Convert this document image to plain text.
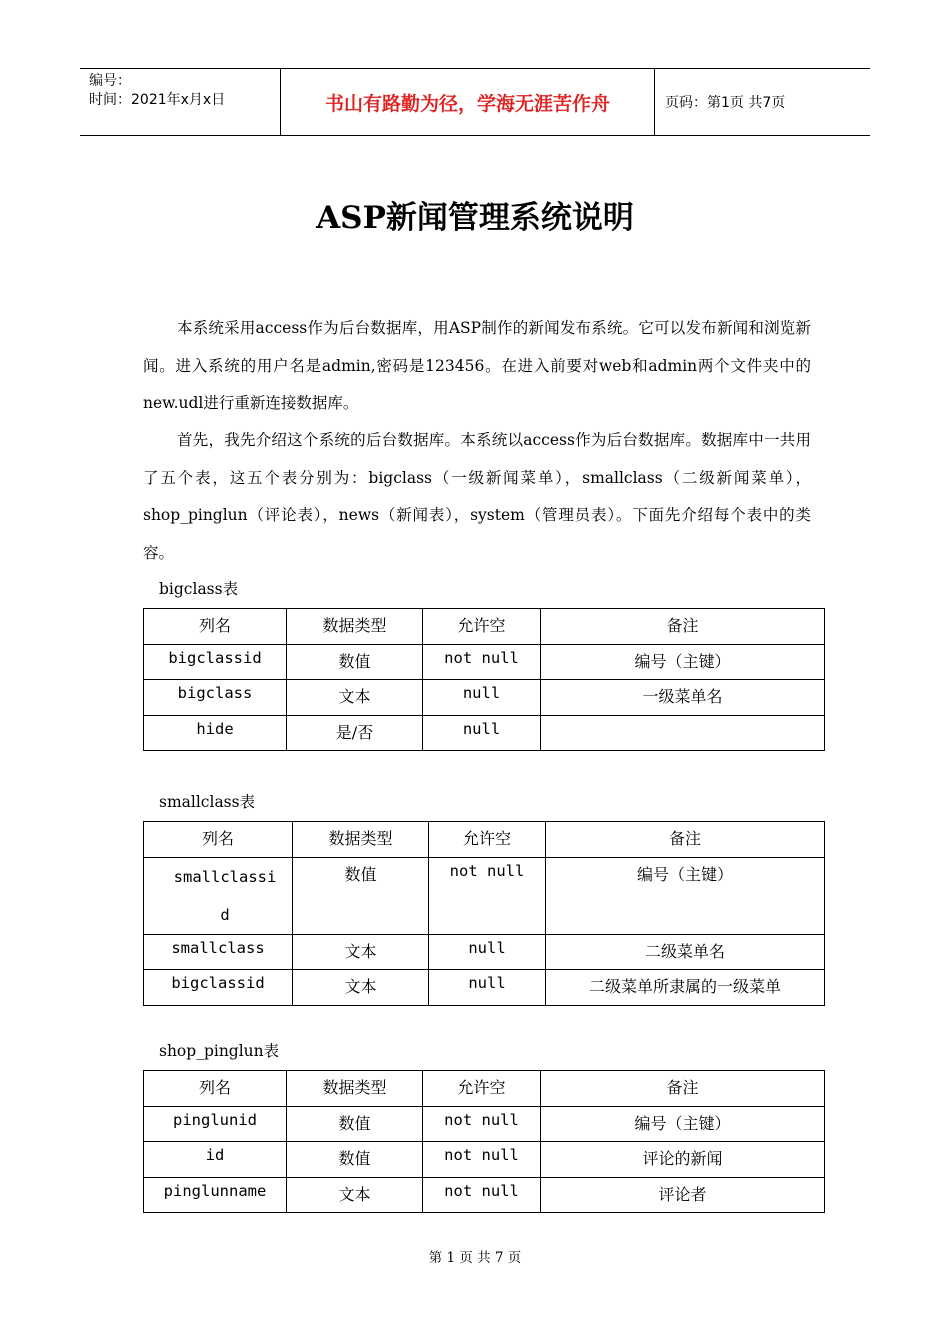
编号：
时间：2021年x月x日	书山有路勤为径，学海无涯苦作舟	页码：第1页 共7页
ASP新闻管理系统说明
本系统采用access作为后台数据库，用ASP制作的新闻发布系统。它可以发布新闻和浏览新闻。进入系统的用户名是admin,密码是123456。在进入前要对web和admin两个文件夹中的new.udl进行重新连接数据库。
首先，我先介绍这个系统的后台数据库。本系统以access作为后台数据库。数据库中一共用了五个表，这五个表分别为：bigclass（一级新闻菜单），smallclass（二级新闻菜单），shop_pinglun（评论表），news（新闻表），system（管理员表）。下面先介绍每个表中的类容。
bigclass表
列名	数据类型	允许空	备注
bigclassid	数值	not null	编号（主键）
bigclass	文本	null	一级菜单名
hide	是/否	null	
smallclass表
列名	数据类型	允许空	备注
smallclassid	数值	not null	编号（主键）
smallclass	文本	null	二级菜单名
bigclassid	文本	null	二级菜单所隶属的一级菜单
shop_pinglun表
列名	数据类型	允许空	备注
pinglunid	数值	not null	编号（主键）
id	数值	not null	评论的新闻
pinglunname	文本	not null	评论者
第 1 页 共 7 页
